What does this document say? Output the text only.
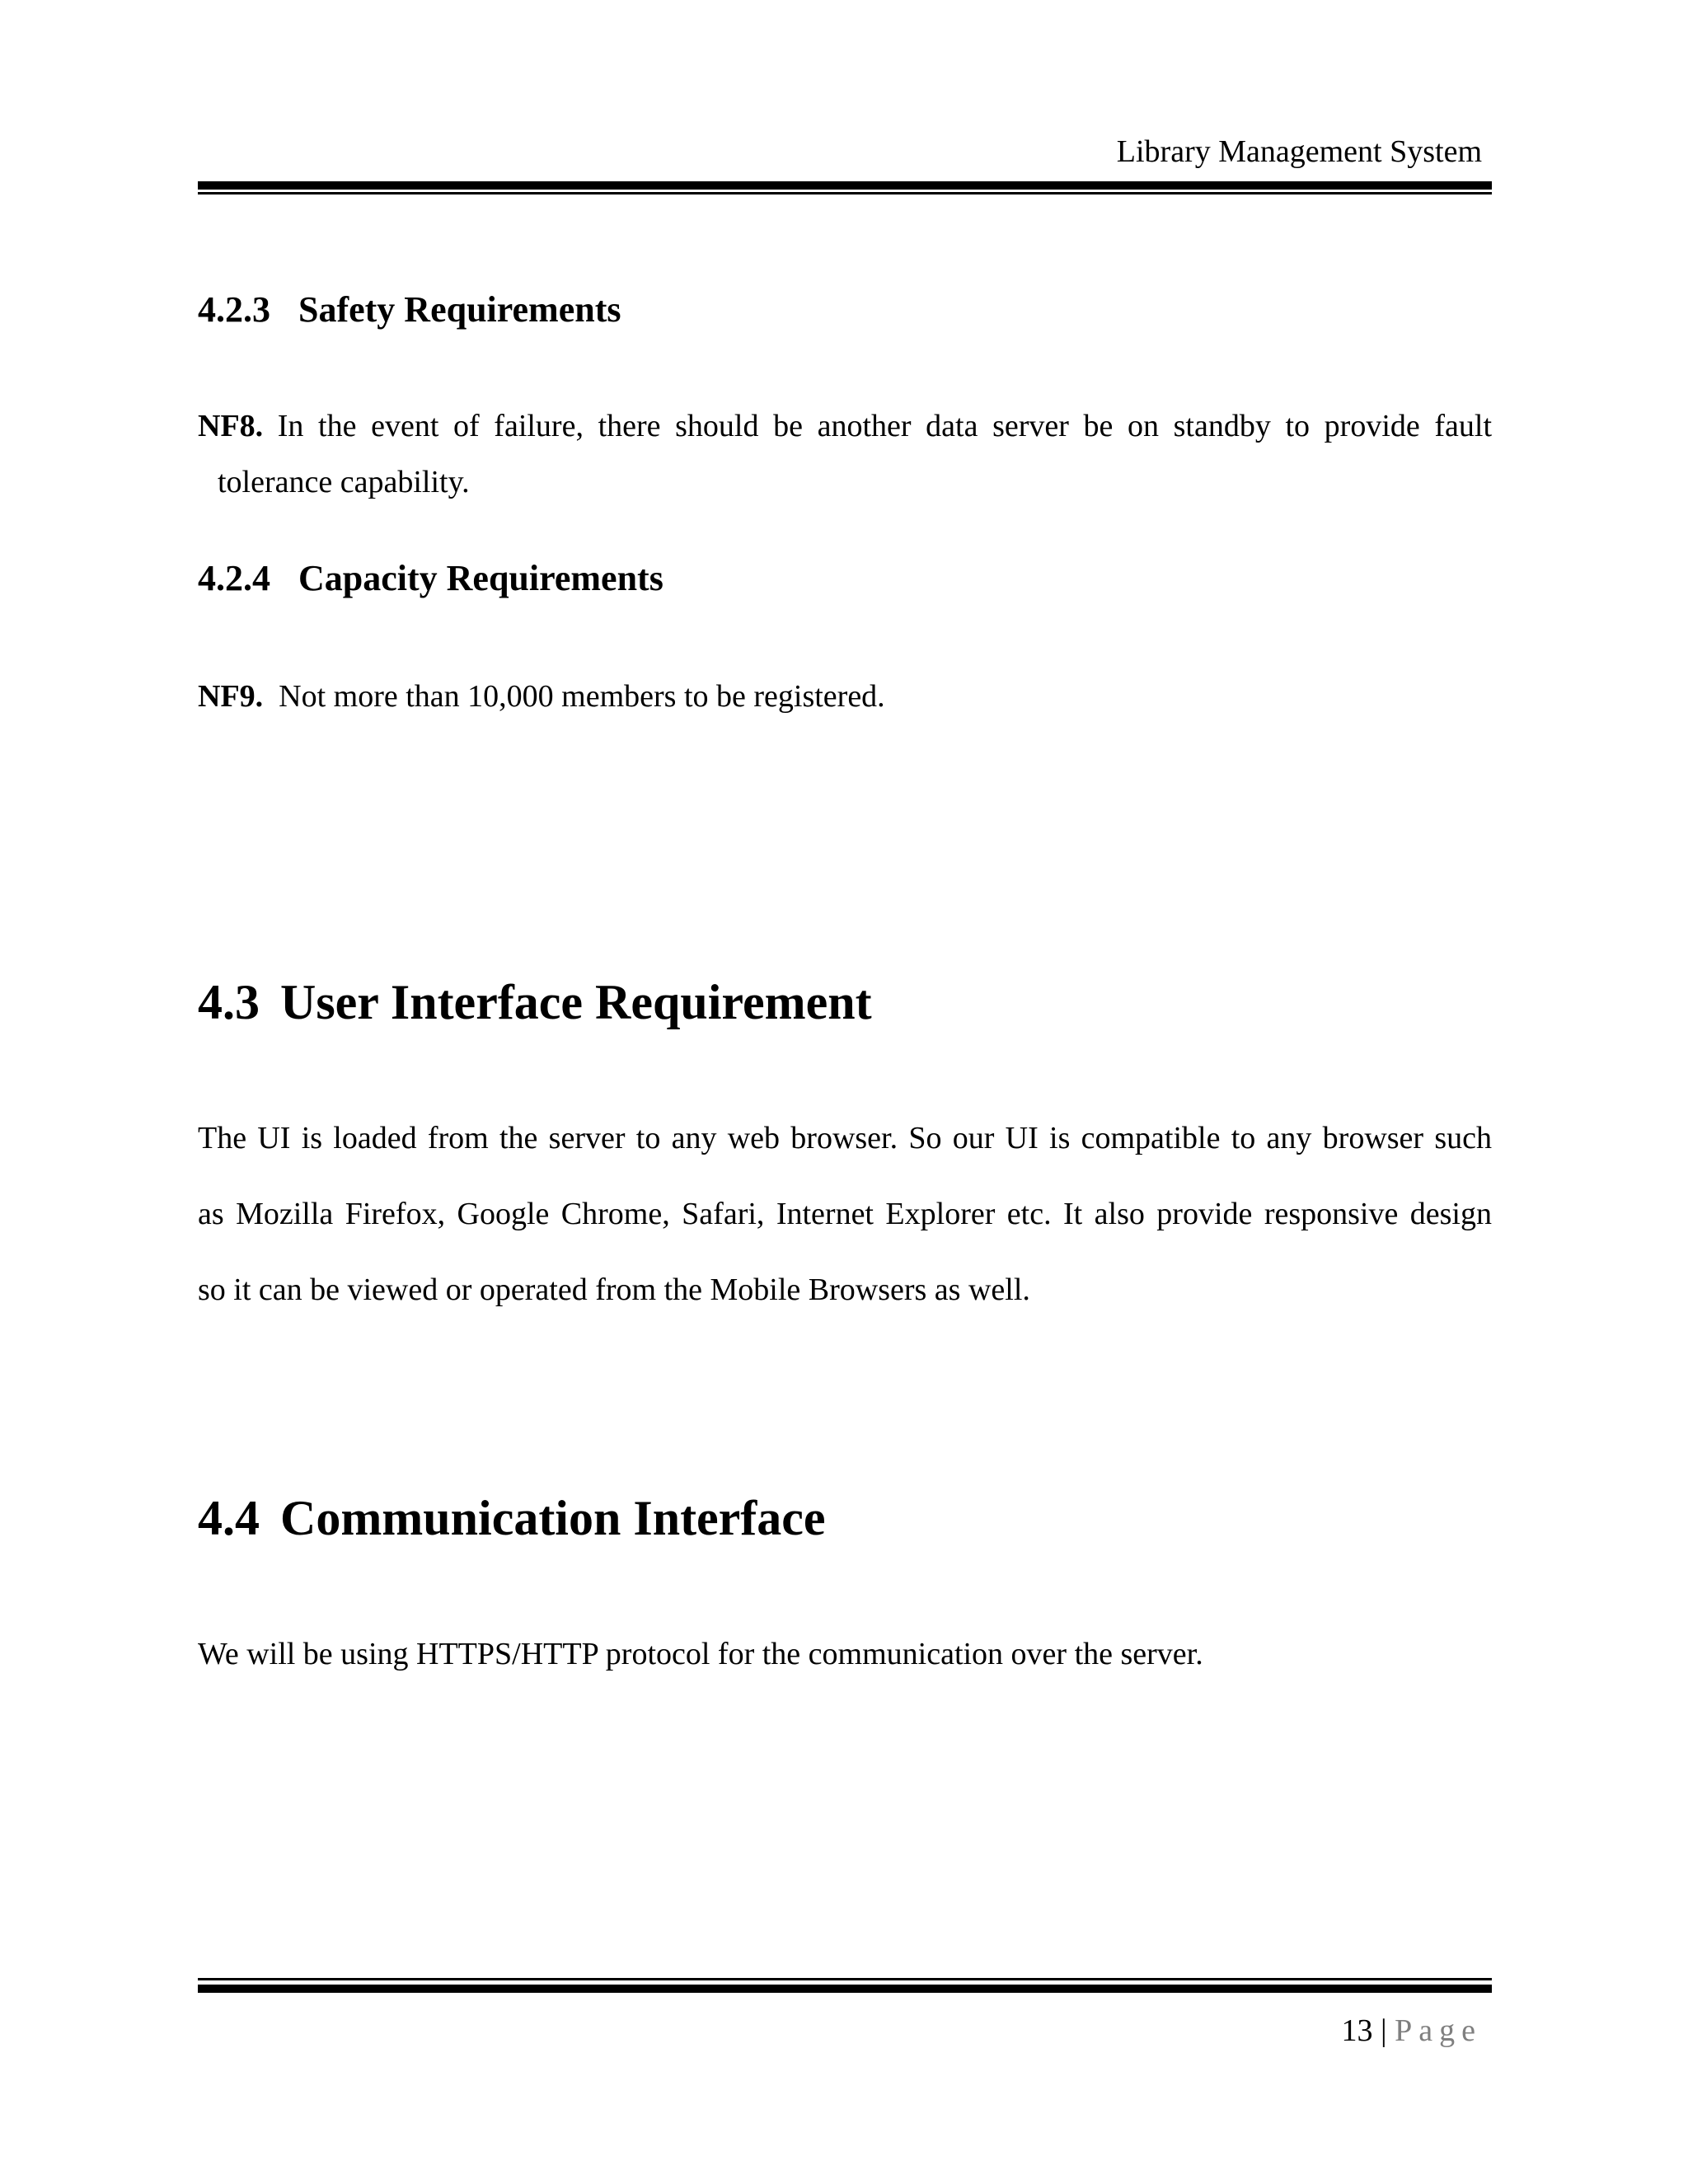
Library Management System
4.2.3 Safety Requirements
NF8. In the event of failure, there should be another data server be on standby to provide fault
tolerance capability.
4.2.4 Capacity Requirements
NF9. Not more than 10,000 members to be registered.
4.3 User Interface Requirement
The UI is loaded from the server to any web browser. So our UI is compatible to any browser such
as Mozilla Firefox, Google Chrome, Safari, Internet Explorer etc. It also provide responsive design
so it can be viewed or operated from the Mobile Browsers as well.
4.4 Communication Interface
We will be using HTTPS/HTTP protocol for the communication over the server.
13 | Page
